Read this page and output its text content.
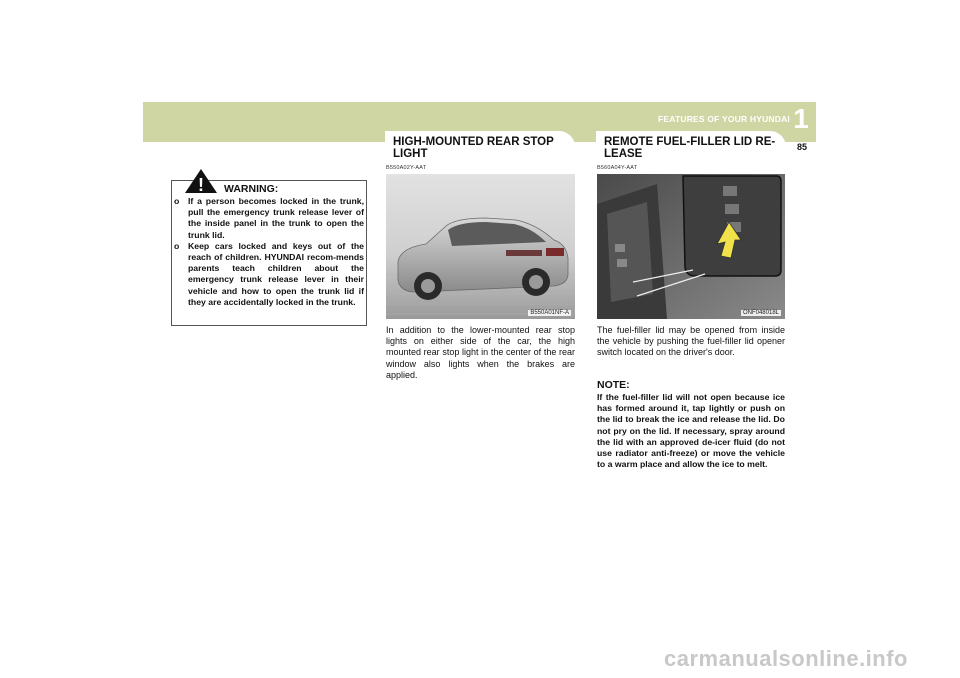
1
FEATURES OF YOUR HYUNDAI
85
! WARNING:
o If a person becomes locked in the trunk, pull the emergency trunk release lever of the inside panel in the trunk to open the trunk lid.
o Keep cars locked and keys out of the reach of children. HYUNDAI recom-mends parents teach children about the emergency trunk release lever in their vehicle and how to open the trunk lid if they are accidentally locked in the trunk.
HIGH-MOUNTED REAR STOP LIGHT
B550A02Y-AAT
B550A01NF-A
In addition to the lower-mounted rear stop lights on either side of the car, the high mounted rear stop light in the center of the rear window also lights when the brakes are applied.
REMOTE FUEL-FILLER LID RE-LEASE
B560A04Y-AAT
ONF048018L
The fuel-filler lid may be opened from inside the vehicle by pushing the fuel-filler lid opener switch located on the driver's door.
NOTE:
If the fuel-filler lid will not open because ice has formed around it, tap lightly or push on the lid to break the ice and release the lid. Do not pry on the lid. If necessary, spray around the lid with an approved de-icer fluid (do not use radiator anti-freeze) or move the vehicle to a warm place and allow the ice to melt.
carmanualsonline.info
